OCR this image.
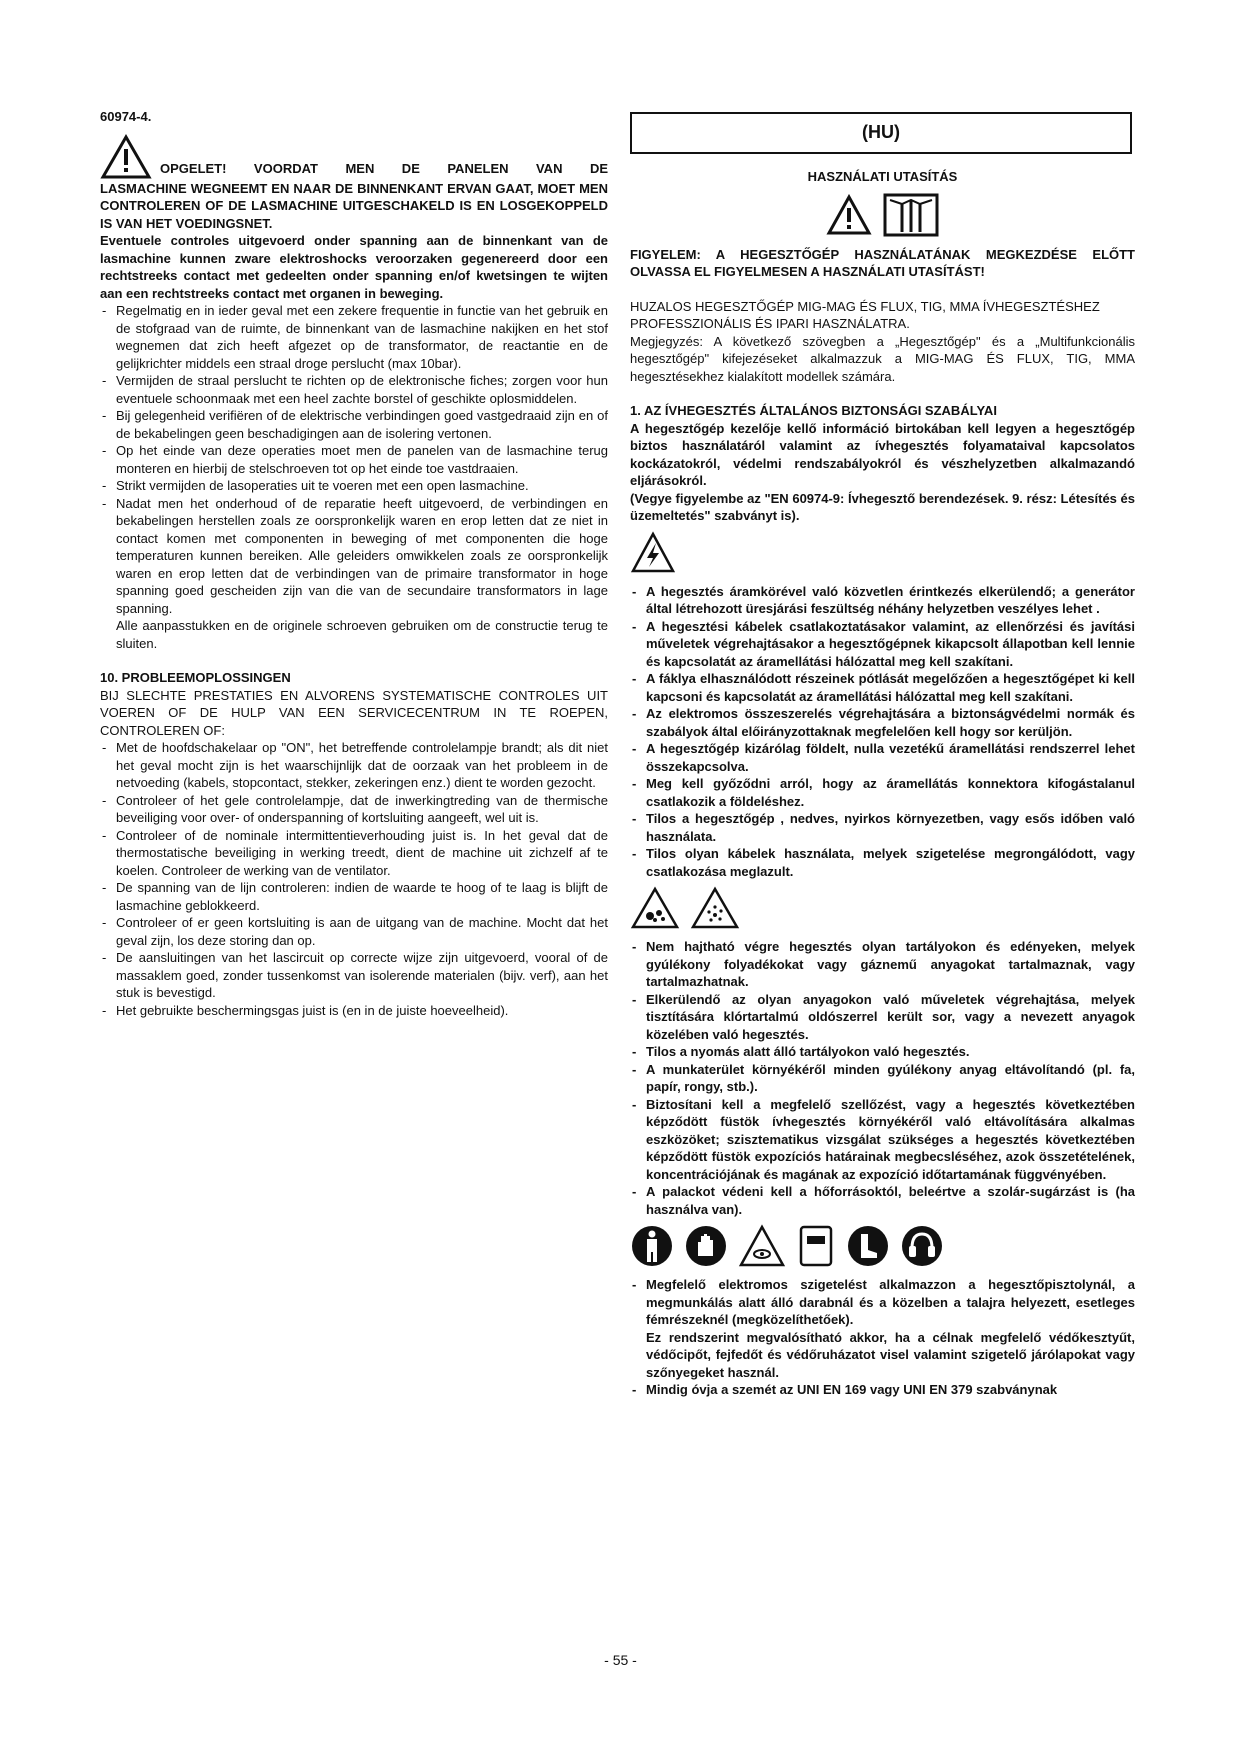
60974-4.

OPGELET! VOORDAT MEN DE PANELEN VAN DE

LASMACHINE WEGNEEMT EN NAAR DE BINNENKANT ERVAN GAAT, MOET MEN CONTROLEREN OF DE LASMACHINE UITGESCHAKELD IS EN LOSGEKOPPELD IS VAN HET VOEDINGSNET.

Eventuele controles uitgevoerd onder spanning aan de binnenkant van de lasmachine kunnen zware elektroshocks veroorzaken gegenereerd door een rechtstreeks contact met gedeelten onder spanning en/of kwetsingen te wijten aan een rechtstreeks contact met organen in beweging.

- Regelmatig en in ieder geval met een zekere frequentie in functie van het gebruik en de stofgraad van de ruimte, de binnenkant van de lasmachine nakijken en het stof wegnemen dat zich heeft afgezet op de transformator, de reactantie en de gelijkrichter middels een straal droge perslucht (max 10bar).

- Vermijden de straal perslucht te richten op de elektronische fiches; zorgen voor hun eventuele schoonmaak met een heel zachte borstel of geschikte oplosmiddelen.

- Bij gelegenheid verifiëren of de elektrische verbindingen goed vastgedraaid zijn en of de bekabelingen geen beschadigingen aan de isolering vertonen.

- Op het einde van deze operaties moet men de panelen van de lasmachine terug monteren en hierbij de stelschroeven tot op het einde toe vastdraaien.

- Strikt vermijden de lasoperaties uit te voeren met een open lasmachine.

- Nadat men het onderhoud of de reparatie heeft uitgevoerd, de verbindingen en bekabelingen herstellen zoals ze oorspronkelijk waren en erop letten dat ze niet in contact komen met componenten in beweging of met componenten die hoge temperaturen kunnen bereiken. Alle geleiders omwikkelen zoals ze oorspronkelijk waren en erop letten dat de verbindingen van de primaire transformator in hoge spanning goed gescheiden zijn van die van de secundaire transformators in lage spanning.

Alle aanpasstukken en de originele schroeven gebruiken om de constructie terug te sluiten.

10. PROBLEEMOPLOSSINGEN

BIJ SLECHTE PRESTATIES EN ALVORENS SYSTEMATISCHE CONTROLES UIT VOEREN OF DE HULP VAN EEN SERVICECENTRUM IN TE ROEPEN, CONTROLEREN OF:

- Met de hoofdschakelaar op "ON", het betreffende controlelampje brandt; als dit niet het geval mocht zijn is het waarschijnlijk dat de oorzaak van het probleem in de netvoeding (kabels, stopcontact, stekker, zekeringen enz.) dient te worden gezocht.

- Controleer of het gele controlelampje, dat de inwerkingtreding van de thermische beveiliging voor over- of onderspanning of kortsluiting aangeeft, wel uit is.

- Controleer of de nominale intermittentieverhouding juist is. In het geval dat de thermostatische beveiliging in werking treedt, dient de machine uit zichzelf af te koelen. Controleer de werking van de ventilator.

- De spanning van de lijn controleren: indien de waarde te hoog of te laag is blijft de lasmachine geblokkeerd.

- Controleer of er geen kortsluiting is aan de uitgang van de machine. Mocht dat het geval zijn, los deze storing dan op.

- De aansluitingen van het lascircuit op correcte wijze zijn uitgevoerd, vooral of de massaklem goed, zonder tussenkomst van isolerende materialen (bijv. verf), aan het stuk is bevestigd.

- Het gebruikte beschermingsgas juist is (en in de juiste hoeveelheid).

(HU)

HASZNÁLATI UTASÍTÁS

FIGYELEM: A HEGESZTŐGÉP HASZNÁLATÁNAK MEGKEZDÉSE ELŐTT OLVASSA EL FIGYELMESEN A HASZNÁLATI UTASÍTÁST!

HUZALOS HEGESZTŐGÉP MIG-MAG ÉS FLUX, TIG, MMA ÍVHEGESZTÉSHEZ PROFESSZIONÁLIS ÉS IPARI HASZNÁLATRA.

Megjegyzés: A következő szövegben a „Hegesztőgép" és a „Multifunkcionális hegesztőgép" kifejezéseket alkalmazzuk a MIG-MAG ÉS FLUX, TIG, MMA hegesztésekhez kialakított modellek számára.

1. AZ ÍVHEGESZTÉS ÁLTALÁNOS BIZTONSÁGI SZABÁLYAI

A hegesztőgép kezelője kellő információ birtokában kell legyen a hegesztőgép biztos használatáról valamint az ívhegesztés folyamataival kapcsolatos kockázatokról, védelmi rendszabályokról és vészhelyzetben alkalmazandó eljárásokról.

(Vegye figyelembe az "EN 60974-9: Ívhegesztő berendezések. 9. rész: Létesítés és üzemeltetés" szabványt is).

- A hegesztés áramkörével való közvetlen érintkezés elkerülendő; a generátor által létrehozott üresjárási feszültség néhány helyzetben veszélyes lehet .

- A hegesztési kábelek csatlakoztatásakor valamint, az ellenőrzési és javítási műveletek végrehajtásakor a hegesztőgépnek kikapcsolt állapotban kell lennie és kapcsolatát az áramellátási hálózattal meg kell szakítani.

- A fáklya elhasználódott részeinek pótlását megelőzően a hegesztőgépet ki kell kapcsoni és kapcsolatát az áramellátási hálózattal meg kell szakítani.

- Az elektromos összeszerelés végrehajtására a biztonságvédelmi normák és szabályok által előirányzottaknak megfelelően kell hogy sor kerüljön.

- A hegesztőgép kizárólag földelt, nulla vezetékű áramellátási rendszerrel lehet összekapcsolva.

- Meg kell győződni arról, hogy az áramellátás konnektora kifogástalanul csatlakozik a földeléshez.

- Tilos a hegesztőgép , nedves, nyirkos környezetben, vagy esős időben való használata.

- Tilos olyan kábelek használata, melyek szigetelése megrongálódott, vagy csatlakozása meglazult.

- Nem hajtható végre hegesztés olyan tartályokon és edényeken, melyek gyúlékony folyadékokat vagy gáznemű anyagokat tartalmaznak, vagy tartalmazhatnak.

- Elkerülendő az olyan anyagokon való műveletek végrehajtása, melyek tisztítására klórtartalmú oldószerrel került sor, vagy a nevezett anyagok közelében való hegesztés.

- Tilos a nyomás alatt álló tartályokon való hegesztés.

- A munkaterület környékéről minden gyúlékony anyag eltávolítandó (pl. fa, papír, rongy, stb.).

- Biztosítani kell a megfelelő szellőzést, vagy a hegesztés következtében képződött füstök ívhegesztés környékéről való eltávolítására alkalmas eszközöket; szisztematikus vizsgálat szükséges a hegesztés következtében képződött füstök expozíciós határainak megbecsléséhez, azok összetételének, koncentrációjának és magának az expozíció időtartamának függvényében.

- A palackot védeni kell a hőforrásoktól, beleértve a szolár-sugárzást is (ha használva van).

- Megfelelő elektromos szigetelést alkalmazzon a hegesztőpisztolynál, a megmunkálás alatt álló darabnál és a közelben a talajra helyezett, esetleges fémrészeknél (megközelíthetőek).

Ez rendszerint megvalósítható akkor, ha a célnak megfelelő védőkesztyűt, védőcipőt, fejfedőt és védőruházatot visel valamint szigetelő járólapokat vagy szőnyegeket használ.

- Mindig óvja a szemét az UNI EN 169 vagy UNI EN 379 szabványnak

- 55 -
